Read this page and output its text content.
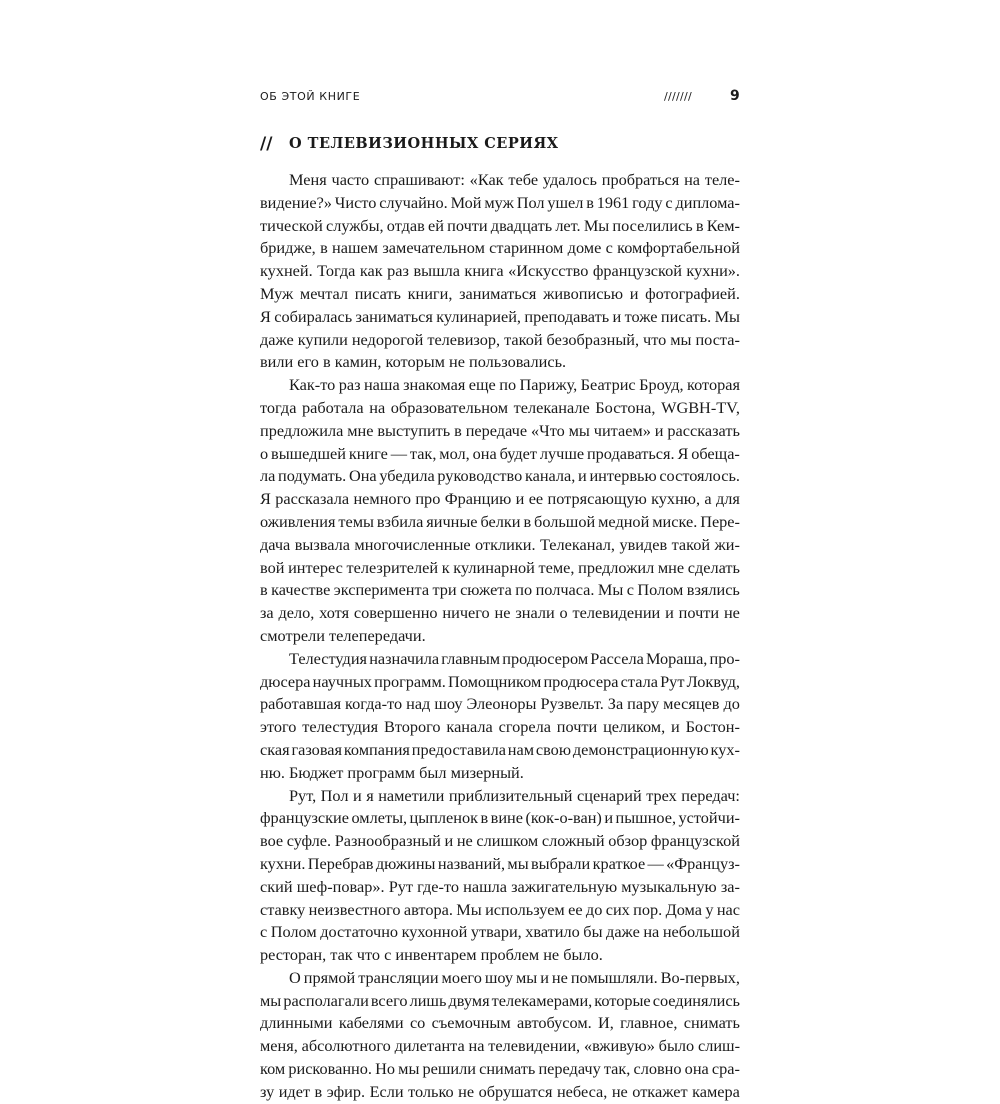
ОБ ЭТОЙ КНИГЕ	///////	9
// О ТЕЛЕВИЗИОННЫХ СЕРИЯХ
Меня часто спрашивают: «Как тебе удалось пробраться на теле-
видение?» Чисто случайно. Мой муж Пол ушел в 1961 году с диплома-
тической службы, отдав ей почти двадцать лет. Мы поселились в Кем-
бридже, в нашем замечательном старинном доме с комфортабельной
кухней. Тогда как раз вышла книга «Искусство французской кухни».
Муж мечтал писать книги, заниматься живописью и фотографией.
Я собиралась заниматься кулинарией, преподавать и тоже писать. Мы
даже купили недорогой телевизор, такой безобразный, что мы поста-
вили его в камин, которым не пользовались.
Как-то раз наша знакомая еще по Парижу, Беатрис Броуд, которая
тогда работала на образовательном телеканале Бостона, WGBH-TV,
предложила мне выступить в передаче «Что мы читаем» и рассказать
о вышедшей книге — так, мол, она будет лучше продаваться. Я обеща-
ла подумать. Она убедила руководство канала, и интервью состоялось.
Я рассказала немного про Францию и ее потрясающую кухню, а для
оживления темы взбила яичные белки в большой медной миске. Пере-
дача вызвала многочисленные отклики. Телеканал, увидев такой жи-
вой интерес телезрителей к кулинарной теме, предложил мне сделать
в качестве эксперимента три сюжета по полчаса. Мы с Полом взялись
за дело, хотя совершенно ничего не знали о телевидении и почти не
смотрели телепередачи.
Телестудия назначила главным продюсером Рассела Мораша, про-
дюсера научных программ. Помощником продюсера стала Рут Локвуд,
работавшая когда-то над шоу Элеоноры Рузвельт. За пару месяцев до
этого телестудия Второго канала сгорела почти целиком, и Бостон-
ская газовая компания предоставила нам свою демонстрационную кух-
ню. Бюджет программ был мизерный.
Рут, Пол и я наметили приблизительный сценарий трех передач:
французские омлеты, цыпленок в вине (кок-о-ван) и пышное, устойчи-
вое суфле. Разнообразный и не слишком сложный обзор французской
кухни. Перебрав дюжины названий, мы выбрали краткое — «Француз-
ский шеф-повар». Рут где-то нашла зажигательную музыкальную за-
ставку неизвестного автора. Мы используем ее до сих пор. Дома у нас
с Полом достаточно кухонной утвари, хватило бы даже на небольшой
ресторан, так что с инвентарем проблем не было.
О прямой трансляции моего шоу мы и не помышляли. Во-первых,
мы располагали всего лишь двумя телекамерами, которые соединялись
длинными кабелями со съемочным автобусом. И, главное, снимать
меня, абсолютного дилетанта на телевидении, «вживую» было слиш-
ком рискованно. Но мы решили снимать передачу так, словно она сра-
зу идет в эфир. Если только не обрушатся небеса, не откажет камера
